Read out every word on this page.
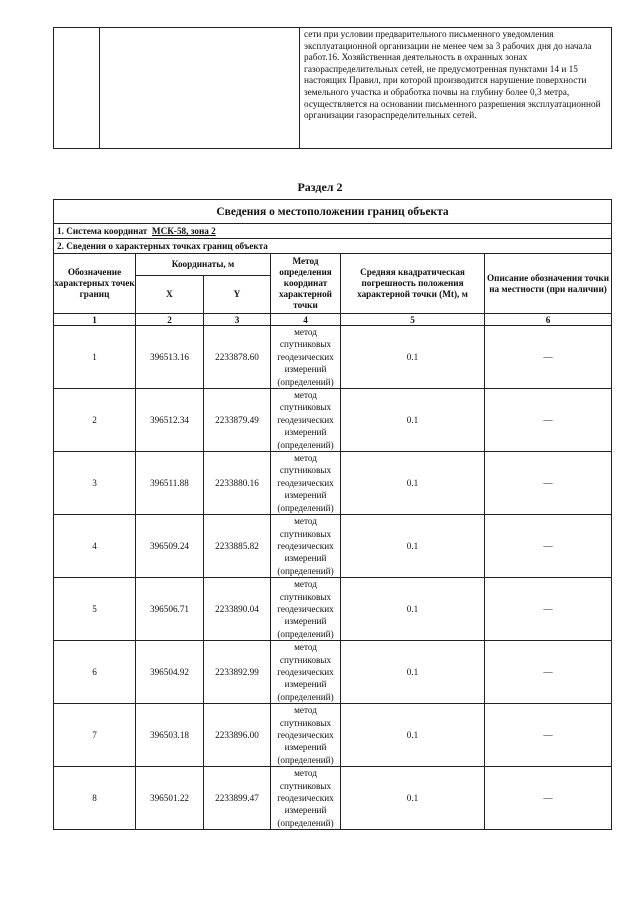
		сети при условии предварительного письменного уведомления эксплуатационной организации не менее чем за 3 рабочих дня до начала работ.16. Хозяйственная деятельность в охранных зонах газораспределительных сетей, не предусмотренная пунктами 14 и 15 настоящих Правил, при которой производится нарушение поверхности земельного участка и обработка почвы на глубину более 0,3 метра, осуществляется на основании письменного разрешения эксплуатационной организации газораспределительных сетей.
Раздел 2
Сведения о местоположении границ объекта					
1. Система координат МСК-58, зона 2					
2. Сведения о характерных точках границ объекта					
Обозначение характерных точек границ	Координаты, м		Метод определения координат характерной точки	Средняя квадратическая погрешность положения характерной точки (Мt), м	Описание обозначения точки на местности (при наличии)
	X	Y			
1	2	3	4	5	6
1	396513.16	2233878.60	метод
спутниковых
геодезических
измерений
(определений)	0.1	—
2	396512.34	2233879.49	метод
спутниковых
геодезических
измерений
(определений)	0.1	—
3	396511.88	2233880.16	метод
спутниковых
геодезических
измерений
(определений)	0.1	—
4	396509.24	2233885.82	метод
спутниковых
геодезических
измерений
(определений)	0.1	—
5	396506.71	2233890.04	метод
спутниковых
геодезических
измерений
(определений)	0.1	—
6	396504.92	2233892.99	метод
спутниковых
геодезических
измерений
(определений)	0.1	—
7	396503.18	2233896.00	метод
спутниковых
геодезических
измерений
(определений)	0.1	—
8	396501.22	2233899.47	метод
спутниковых
геодезических
измерений
(определений)	0.1	—
